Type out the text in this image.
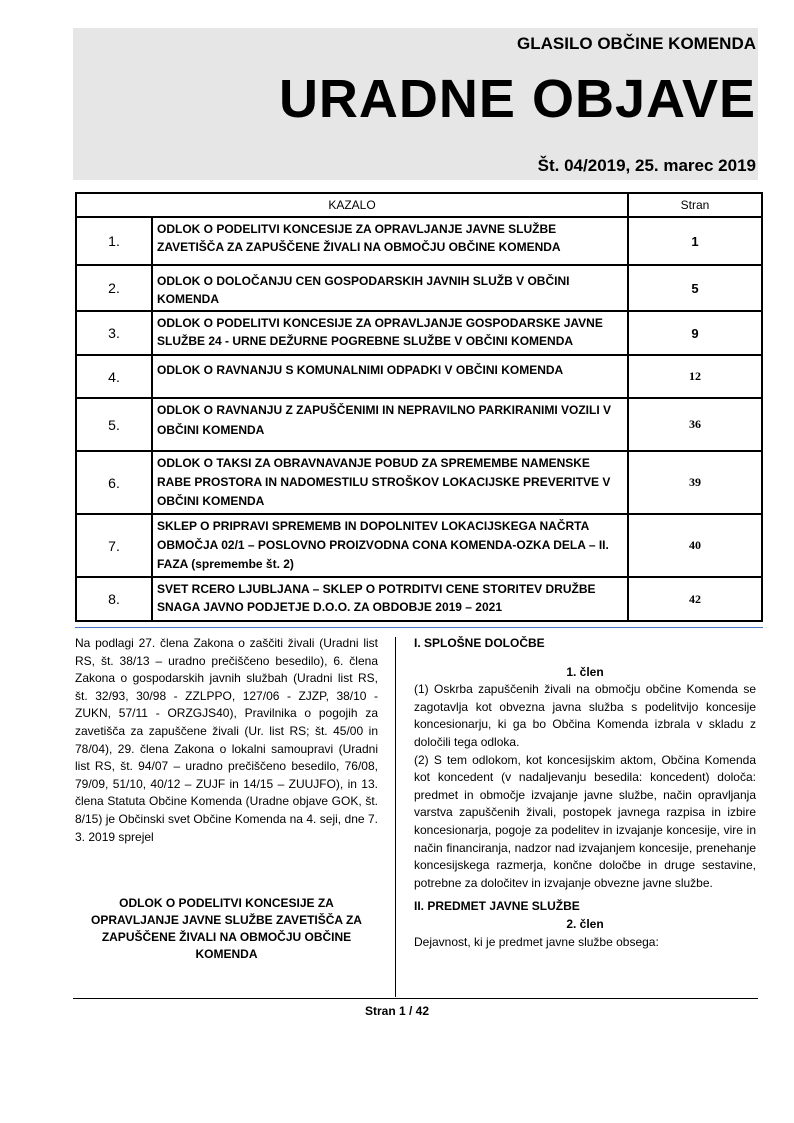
GLASILO OBČINE KOMENDA
URADNE OBJAVE
Št. 04/2019, 25. marec 2019
KAZALO		Stran
1.	ODLOK O PODELITVI KONCESIJE ZA OPRAVLJANJE JAVNE SLUŽBE ZAVETIŠČA ZA ZAPUŠČENE ŽIVALI NA OBMOČJU OBČINE KOMENDA	1
2.	ODLOK O DOLOČANJU CEN GOSPODARSKIH JAVNIH SLUŽB V OBČINI KOMENDA	5
3.	ODLOK O PODELITVI KONCESIJE ZA OPRAVLJANJE GOSPODARSKE JAVNE SLUŽBE 24 - URNE DEŽURNE POGREBNE SLUŽBE V OBČINI KOMENDA	9
4.	ODLOK O RAVNANJU S KOMUNALNIMI ODPADKI V OBČINI KOMENDA	12
5.	ODLOK O RAVNANJU Z ZAPUŠČENIMI IN NEPRAVILNO PARKIRANIMI VOZILI V OBČINI KOMENDA	36
6.	ODLOK O TAKSI ZA OBRAVNAVANJE POBUD ZA SPREMEMBE NAMENSKE RABE PROSTORA IN NADOMESTILU STROŠKOV LOKACIJSKE PREVERITVE V OBČINI KOMENDA	39
7.	SKLEP O PRIPRAVI SPREMEMB IN DOPOLNITEV LOKACIJSKEGA NAČRTA OBMOČJA 02/1 – POSLOVNO PROIZVODNA CONA KOMENDA-OZKA DELA – II. FAZA (spremembe št. 2)	40
8.	SVET RCERO LJUBLJANA – SKLEP O POTRDITVI CENE STORITEV DRUŽBE SNAGA JAVNO PODJETJE D.O.O. ZA OBDOBJE 2019 – 2021	42

Na podlagi 27. člena Zakona o zaščiti živali (Uradni list RS, št. 38/13 – uradno prečiščeno besedilo), 6. člena Zakona o gospodarskih javnih službah (Uradni list RS, št. 32/93, 30/98 - ZZLPPO, 127/06 - ZJZP, 38/10 - ZUKN, 57/11 - ORZGJS40), Pravilnika o pogojih za zavetišča za zapuščene živali (Ur. list RS; št. 45/00 in 78/04), 29. člena Zakona o lokalni samoupravi (Uradni list RS, št. 94/07 – uradno prečiščeno besedilo, 76/08, 79/09, 51/10, 40/12 – ZUJF in 14/15 – ZUUJFO), in 13. člena Statuta Občine Komenda (Uradne objave GOK, št. 8/15) je Občinski svet Občine Komenda na 4. seji, dne 7. 3. 2019 sprejel

ODLOK O PODELITVI KONCESIJE ZA OPRAVLJANJE JAVNE SLUŽBE ZAVETIŠČA ZA ZAPUŠČENE ŽIVALI NA OBMOČJU OBČINE KOMENDA

I. SPLOŠNE DOLOČBE

1. člen

(1) Oskrba zapuščenih živali na območju občine Komenda se zagotavlja kot obvezna javna služba s podelitvijo koncesije koncesionarju, ki ga bo Občina Komenda izbrala v skladu z določili tega odloka.

(2) S tem odlokom, kot koncesijskim aktom, Občina Komenda kot koncedent (v nadaljevanju besedila: koncedent) določa: predmet in območje izvajanje javne službe, način opravljanja varstva zapuščenih živali, postopek javnega razpisa in izbire koncesionarja, pogoje za podelitev in izvajanje koncesije, vire in način financiranja, nadzor nad izvajanjem koncesije, prenehanje koncesijskega razmerja, končne določbe in druge sestavine, potrebne za določitev in izvajanje obvezne javne službe.

II. PREDMET JAVNE SLUŽBE

2. člen

Dejavnost, ki je predmet javne službe obsega:

Stran 1 / 42
